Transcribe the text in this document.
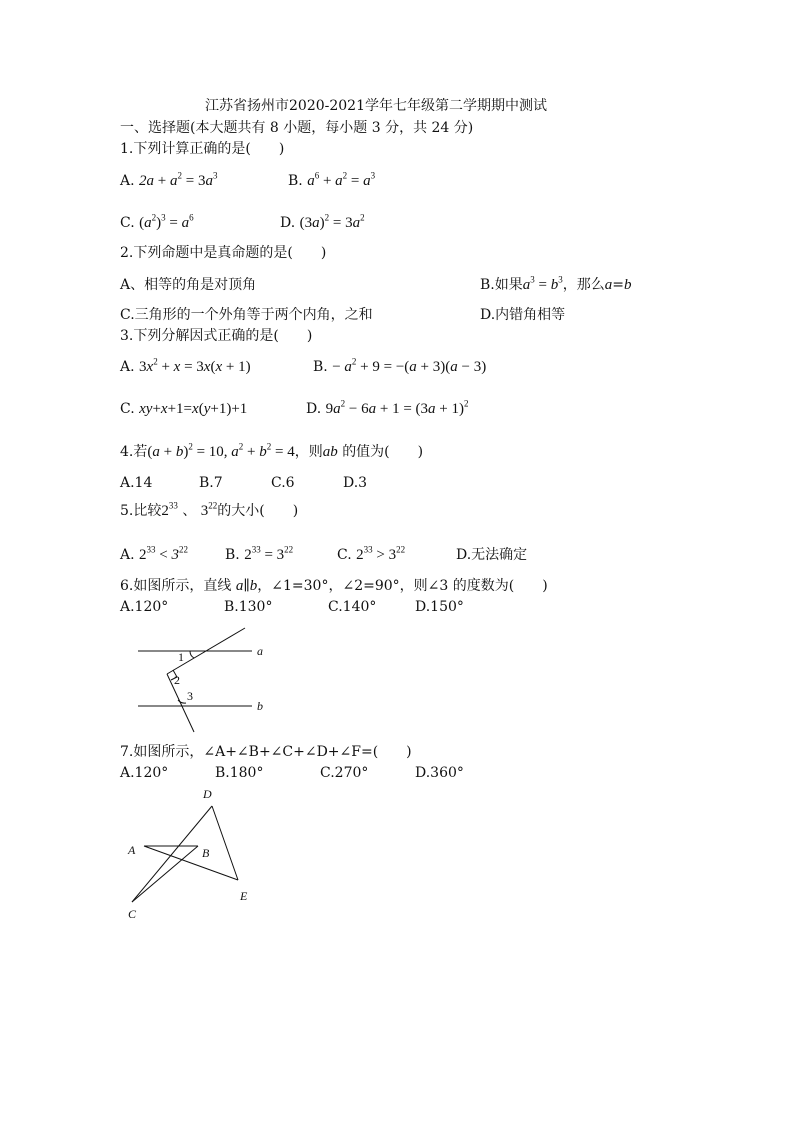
江苏省扬州市2020-2021学年七年级第二学期期中测试
一、选择题(本大题共有 8 小题，每小题 3 分，共 24 分)
1.下列计算正确的是(　　)
A. $2a + a^2 = 3a^3$	B. $a^6 + a^2 = a^3$
C. $(a^2)^3 = a^6$	D. $(3a)^2 = 3a^2$
2.下列命题中是真命题的是(　　)
A、相等的角是对顶角	B.如果$a^3 = b^3$，那么a=b
C.三角形的一个外角等于两个内角，之和	D.内错角相等
3.下列分解因式正确的是(　　)
A. $3x^2 + x = 3x(x + 1)$	B. − $a^2 + 9 = -(a + 3)(a - 3)$
C. xy+x+1=x(y+1)+1	D. $9a^2 - 6a + 1 = (3a + 1)^2$
4.若$(a + b)^2 = 10$, $a^2 + b^2 = 4$，则ab 的值为(　　)
A.14	B.7	C.6	D.3
5.比较$2^{33}$ 、 $3^{22}$的大小(　　)
A. $2^{33} < 3^{22}$	B. $2^{33} = 3^{22}$	C. $2^{33} > 3^{22}$	D.无法确定
6.如图所示，直线 a∥b，∠1=30°，∠2=90°，则∠3 的度数为(　　)
A.120°	B.130°	C.140°	D.150°
a
b
1
2
3
7.如图所示，∠A+∠B+∠C+∠D+∠F=(　　)
A.120°	B.180°	C.270°	D.360°
D
A	B
E
C
